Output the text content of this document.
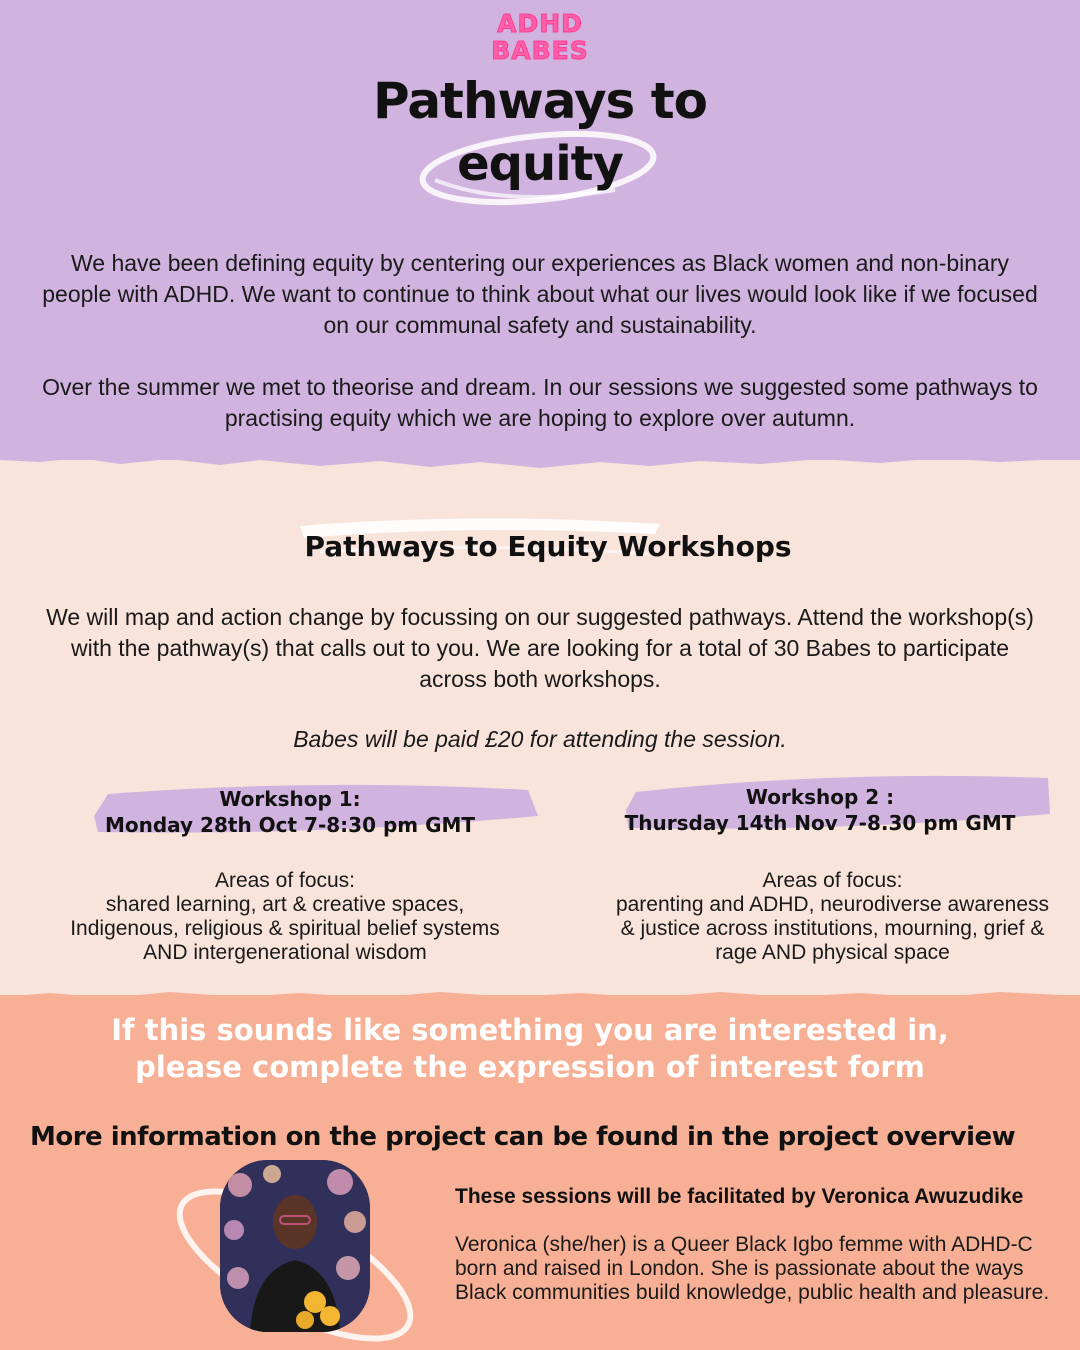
ADHD
BABES
Pathways to
equity
We have been defining equity by centering our experiences as Black women and non-binary people with ADHD. We want to continue to think about what our lives would look like if we focused on our communal safety and sustainability.
Over the summer we met to theorise and dream. In our sessions we suggested some pathways to practising equity which we are hoping to explore over autumn.
Pathways to Equity Workshops
We will map and action change by focussing on our suggested pathways. Attend the workshop(s) with the pathway(s) that calls out to you. We are looking for a total of 30 Babes to participate across both workshops.
Babes will be paid £20 for attending the session.
Workshop 1:
Monday 28th Oct 7-8:30 pm GMT
Workshop 2 :
Thursday 14th Nov 7-8.30 pm GMT
Areas of focus:
shared learning, art & creative spaces,
Indigenous, religious & spiritual belief systems
AND intergenerational wisdom
Areas of focus:
parenting and ADHD, neurodiverse awareness
& justice across institutions, mourning, grief &
rage AND physical space
If this sounds like something you are interested in,
please complete the expression of interest form
More information on the project can be found in the project overview
These sessions will be facilitated by Veronica Awuzudike
Veronica (she/her) is a Queer Black Igbo femme with ADHD-C born and raised in London. She is passionate about the ways Black communities build knowledge, public health and pleasure.
